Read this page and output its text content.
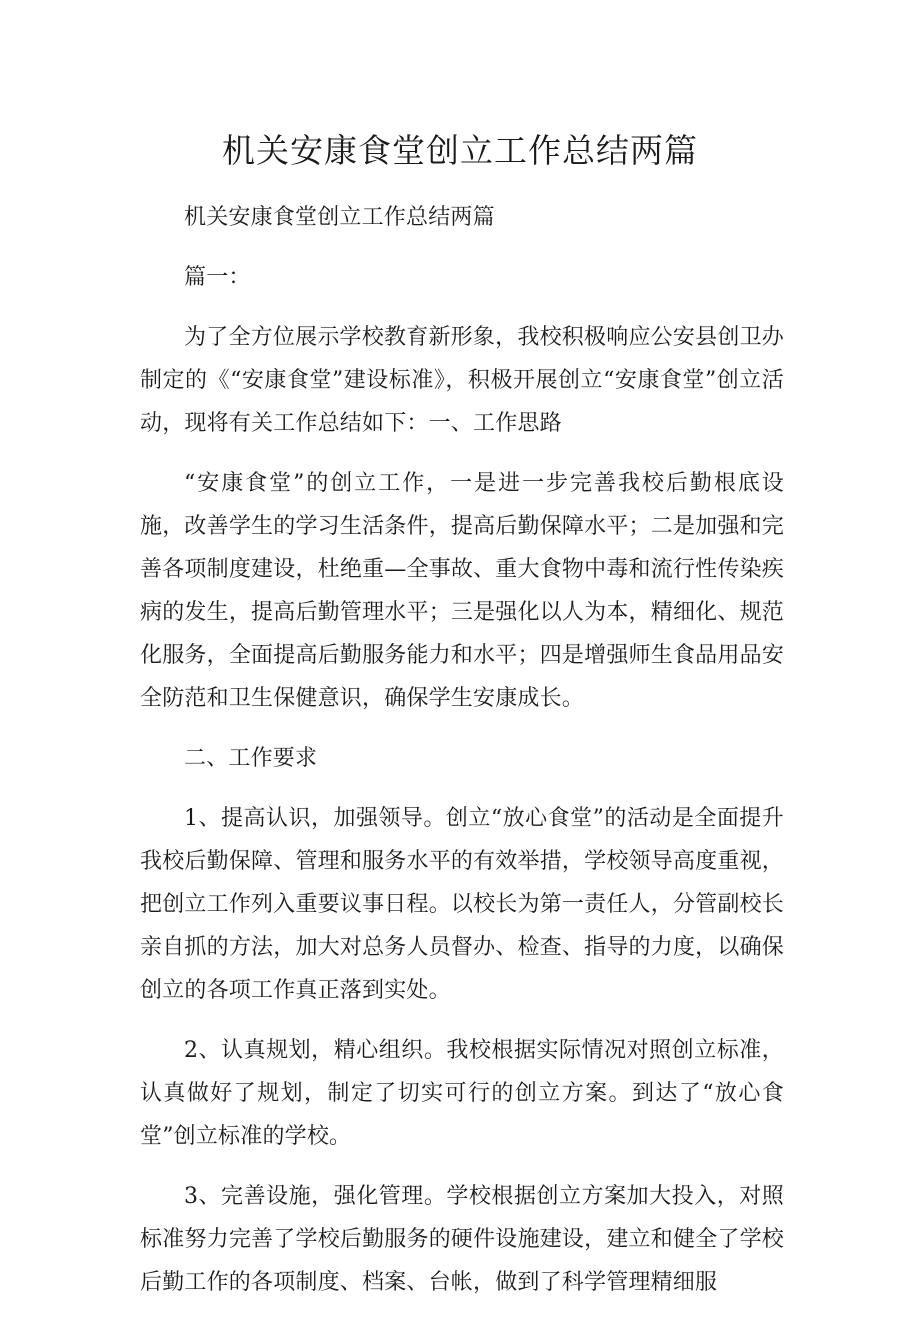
机关安康食堂创立工作总结两篇

机关安康食堂创立工作总结两篇

篇一：

为了全方位展示学校教育新形象，我校积极响应公安县创卫办制定的《“安康食堂”建设标准》，积极开展创立“安康食堂”创立活动，现将有关工作总结如下：一、工作思路

“安康食堂”的创立工作，一是进一步完善我校后勤根底设施，改善学生的学习生活条件，提高后勤保障水平；二是加强和完善各项制度建设，杜绝重—全事故、重大食物中毒和流行性传染疾病的发生，提高后勤管理水平；三是强化以人为本，精细化、规范化服务，全面提高后勤服务能力和水平；四是增强师生食品用品安全防范和卫生保健意识，确保学生安康成长。

二、工作要求

1、提高认识，加强领导。创立“放心食堂”的活动是全面提升我校后勤保障、管理和服务水平的有效举措，学校领导高度重视，把创立工作列入重要议事日程。以校长为第一责任人，分管副校长亲自抓的方法，加大对总务人员督办、检查、指导的力度，以确保创立的各项工作真正落到实处。

2、认真规划，精心组织。我校根据实际情况对照创立标准，认真做好了规划，制定了切实可行的创立方案。到达了“放心食堂”创立标准的学校。

3、完善设施，强化管理。学校根据创立方案加大投入，对照标准努力完善了学校后勤服务的硬件设施建设，建立和健全了学校后勤工作的各项制度、档案、台帐，做到了科学管理精细服
